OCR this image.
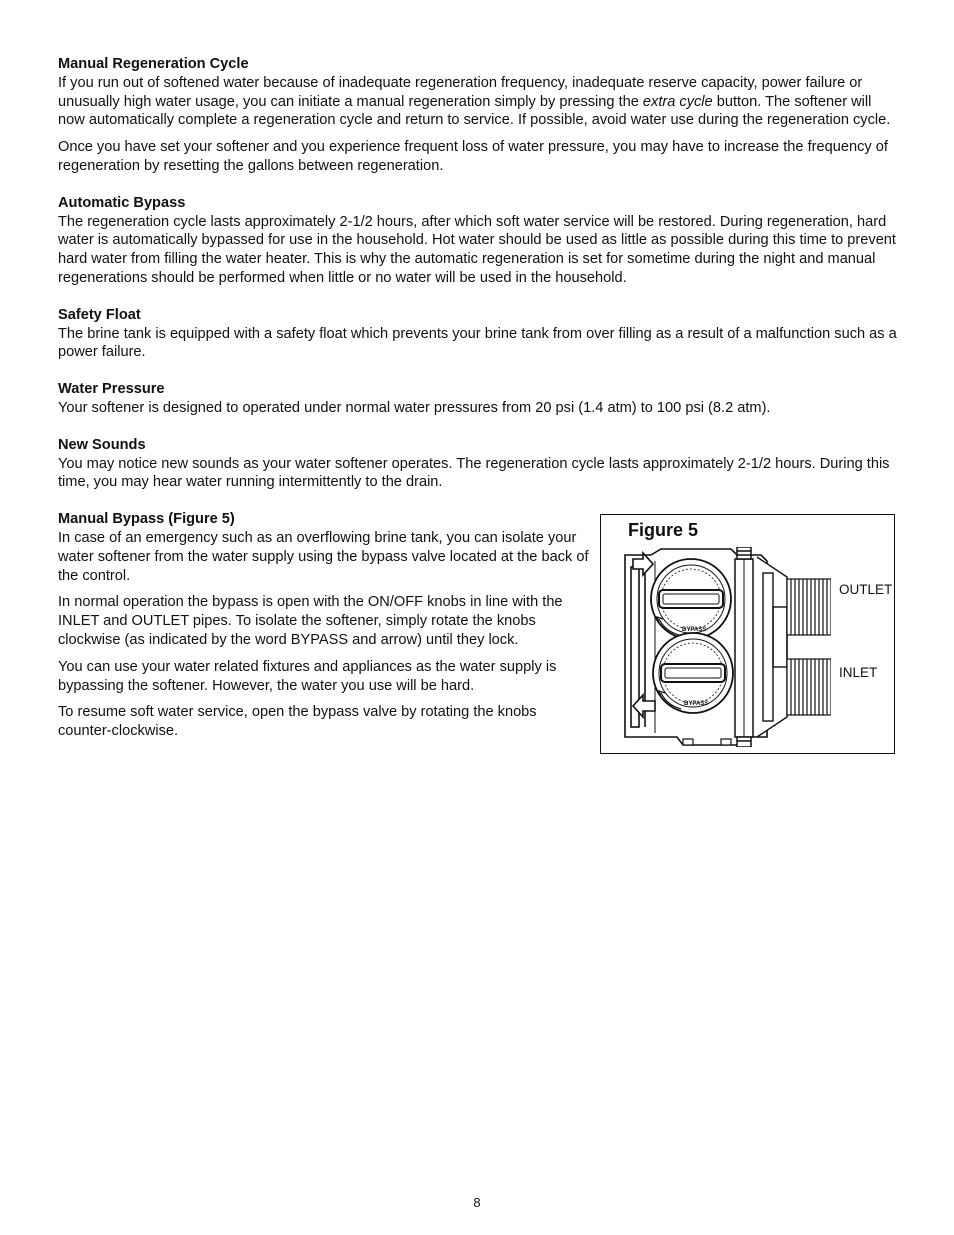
Manual Regeneration Cycle

If you run out of softened water because of inadequate regeneration frequency, inadequate reserve capacity, power failure or unusually high water usage, you can initiate a manual regeneration simply by pressing the extra cycle button. The softener will now automatically complete a regeneration cycle and return to service. If possible, avoid water use during the regeneration cycle.

Once you have set your softener and you experience frequent loss of water pressure, you may have to increase the frequency of regeneration by resetting the gallons between regeneration.

Automatic Bypass

The regeneration cycle lasts approximately 2-1/2 hours, after which soft water service will be restored. During regeneration, hard water is automatically bypassed for use in the household. Hot water should be used as little as possible during this time to prevent hard water from filling the water heater. This is why the automatic regeneration is set for sometime during the night and manual regenerations should be performed when little or no water will be used in the household.

Safety Float

The brine tank is equipped with a safety float which prevents your brine tank from over filling as a result of a malfunction such as a power failure.

Water Pressure

Your softener is designed to operated under normal water pressures from 20 psi (1.4 atm) to 100 psi (8.2 atm).

New Sounds

You may notice new sounds as your water softener operates. The regeneration cycle lasts approximately 2-1/2 hours. During this time, you may hear water running intermittently to the drain.

Manual Bypass (Figure 5)

In case of an emergency such as an overflowing brine tank, you can isolate your water softener from the water supply using the bypass valve located at the back of the control.

In normal operation the bypass is open with the ON/OFF knobs in line with the INLET and OUTLET pipes. To isolate the softener, simply rotate the knobs clockwise (as indicated by the word BYPASS and arrow) until they lock.

You can use your water related fixtures and appliances as the water supply is bypassing the softener. However, the water you use will be hard.

To resume soft water service, open the bypass valve by rotating the knobs counter-clockwise.

Figure 5
BYPASS
BYPASS
OUTLET
INLET
8
